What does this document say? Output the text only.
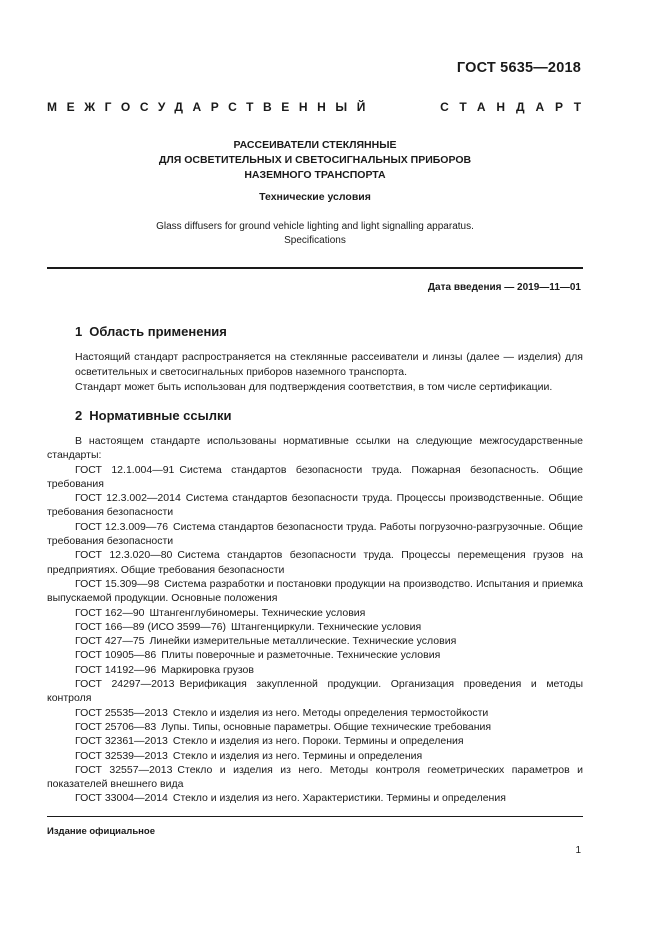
ГОСТ 5635—2018
МЕЖГОСУДАРСТВЕННЫЙ	СТАНДАРТ
РАССЕИВАТЕЛИ СТЕКЛЯННЫЕ
ДЛЯ ОСВЕТИТЕЛЬНЫХ И СВЕТОСИГНАЛЬНЫХ ПРИБОРОВ
НАЗЕМНОГО ТРАНСПОРТА
Технические условия
Glass diffusers for ground vehicle lighting and light signalling apparatus.
Specifications
Дата введения — 2019—11—01
1 Область применения
Настоящий стандарт распространяется на стеклянные рассеиватели и линзы (далее — изделия) для осветительных и светосигнальных приборов наземного транспорта.
Стандарт может быть использован для подтверждения соответствия, в том числе сертификации.
2 Нормативные ссылки

В настоящем стандарте использованы нормативные ссылки на следующие межгосударственные стандарты:

ГОСТ 12.1.004—91 Система стандартов безопасности труда. Пожарная безопасность. Общие требования

ГОСТ 12.3.002—2014 Система стандартов безопасности труда. Процессы производственные. Общие требования безопасности

ГОСТ 12.3.009—76 Система стандартов безопасности труда. Работы погрузочно-разгрузочные. Общие требования безопасности

ГОСТ 12.3.020—80 Система стандартов безопасности труда. Процессы перемещения грузов на предприятиях. Общие требования безопасности

ГОСТ 15.309—98 Система разработки и постановки продукции на производство. Испытания и приемка выпускаемой продукции. Основные положения

ГОСТ 162—90 Штангенглубиномеры. Технические условия

ГОСТ 166—89 (ИСО 3599—76) Штангенциркули. Технические условия

ГОСТ 427—75 Линейки измерительные металлические. Технические условия

ГОСТ 10905—86 Плиты поверочные и разметочные. Технические условия

ГОСТ 14192—96 Маркировка грузов

ГОСТ 24297—2013 Верификация закупленной продукции. Организация проведения и методы контроля

ГОСТ 25535—2013 Стекло и изделия из него. Методы определения термостойкости

ГОСТ 25706—83 Лупы. Типы, основные параметры. Общие технические требования

ГОСТ 32361—2013 Стекло и изделия из него. Пороки. Термины и определения

ГОСТ 32539—2013 Стекло и изделия из него. Термины и определения

ГОСТ 32557—2013 Стекло и изделия из него. Методы контроля геометрических параметров и показателей внешнего вида

ГОСТ 33004—2014 Стекло и изделия из него. Характеристики. Термины и определения

Издание официальное
1
